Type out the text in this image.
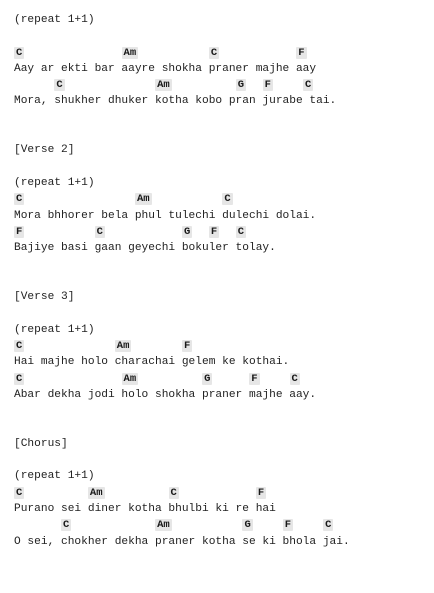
(repeat 1+1)
C	Am	C	F
Aay ar ekti bar aayre shokha praner majhe aay
C	Am	G F	C
Mora, shukher dhuker kotha kobo pran jurabe tai.
[Verse 2]
(repeat 1+1)
C	Am	C
Mora bhhorer bela phul tulechi dulechi dolai.
F	C	G F C
Bajiye basi gaan geyechi bokuler tolay.
[Verse 3]
(repeat 1+1)
C	Am	F
Hai majhe holo charachai gelem ke kothai.
C	Am	G	F	C
Abar dekha jodi holo shokha praner majhe aay.
[Chorus]
(repeat 1+1)
C	Am	C	F
Purano sei diner kotha bhulbi ki re hai
C	Am	G	F	C
O sei, chokher dekha praner kotha se ki bhola jai.
